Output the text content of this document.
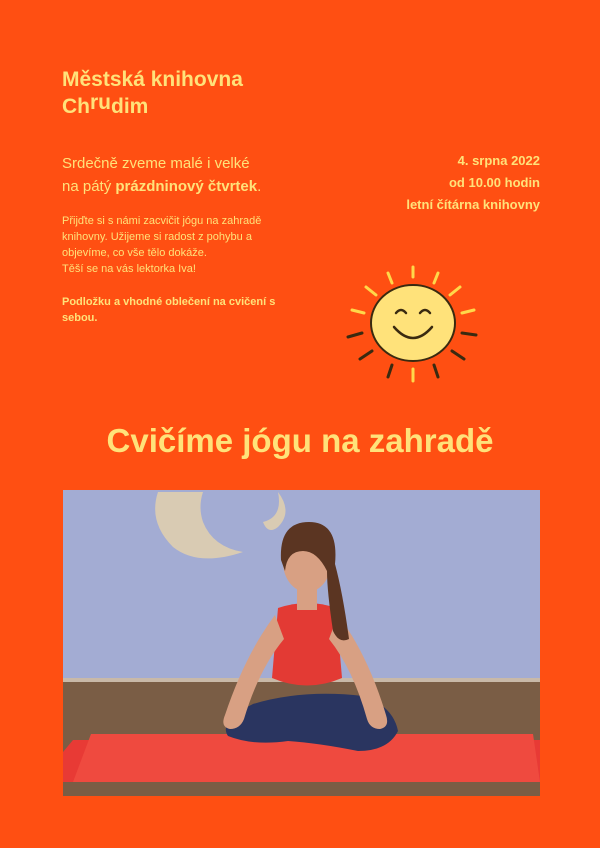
Městská knihovna
Chrudim
Srdečně zveme malé i velké
na pátý prázdninový čtvrtek.
Přijďte si s námi zacvičit jógu na zahradě
knihovny. Užijeme si radost z pohybu a
objevíme, co vše tělo dokáže.
Těší se na vás lektorka Iva!
Podložku a vhodné oblečení na cvičení s
sebou.
4. srpna 2022
od 10.00 hodin
letní čítárna knihovny
Cvičíme jógu na zahradě
